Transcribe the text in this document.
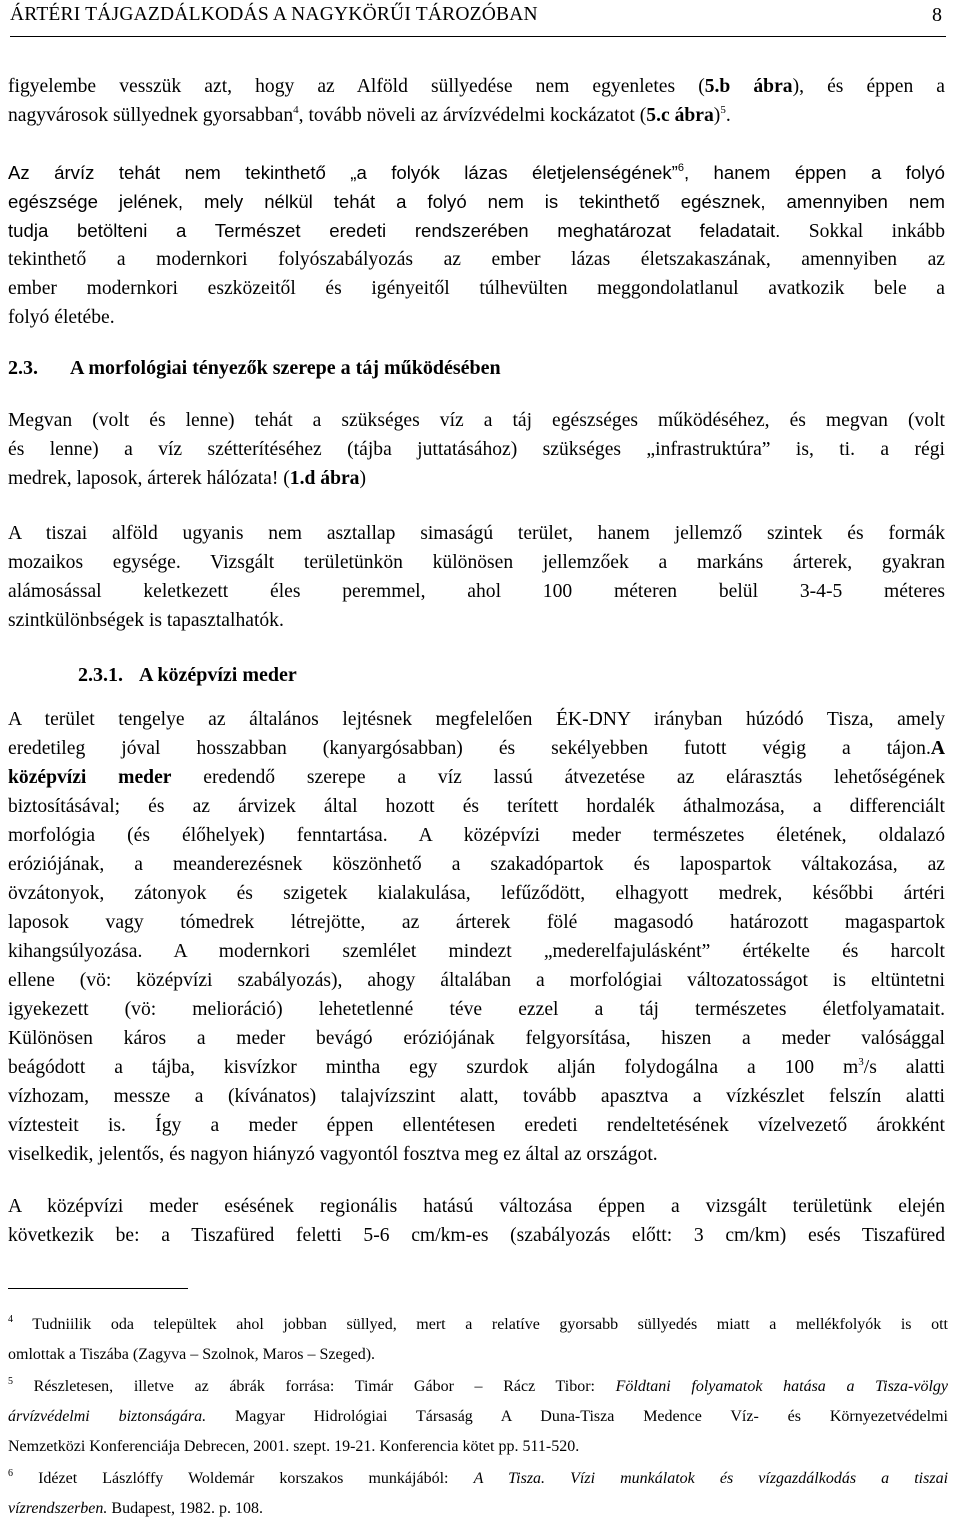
ÁRTÉRI TÁJGAZDÁLKODÁS A NAGYKÖRŰI TÁROZÓBAN	8
figyelembe vesszük azt, hogy az Alföld süllyedése nem egyenletes (5.b ábra), és éppen a
nagyvárosok süllyednek gyorsabban$^4$, tovább növeli az árvízvédelmi kockázatot (5.c ábra)$^5$.
Az árvíz tehát nem tekinthető „a folyók lázas életjelenségének”$^6$, hanem éppen a folyó
egészsége jelének, mely nélkül tehát a folyó nem is tekinthető egésznek, amennyiben nem
tudja betölteni a Természet eredeti rendszerében meghatározat feladatait. Sokkal inkább
tekinthető a modernkori folyószabályozás az ember lázas életszakaszának, amennyiben az
ember modernkori eszközeitől és igényeitől túlhevülten meggondolatlanul avatkozik bele a
folyó életébe.
2.3. A morfológiai tényezők szerepe a táj működésében
Megvan (volt és lenne) tehát a szükséges víz a táj egészséges működéséhez, és megvan (volt
és lenne) a víz szétterítéséhez (tájba juttatásához) szükséges „infrastruktúra” is, ti. a régi
medrek, laposok, árterek hálózata! (1.d ábra)
A tiszai alföld ugyanis nem asztallap simaságú terület, hanem jellemző szintek és formák
mozaikos egysége. Vizsgált területünkön különösen jellemzőek a markáns árterek, gyakran
alámosással keletkezett éles peremmel, ahol 100 méteren belül 3-4-5 méteres
szintkülönbségek is tapasztalhatók.
2.3.1. A középvízi meder
A terület tengelye az általános lejtésnek megfelelően ÉK-DNY irányban húzódó Tisza, amely
eredetileg jóval hosszabban (kanyargósabban) és sekélyebben futott végig a tájon.A
középvízi meder eredendő szerepe a víz lassú átvezetése az elárasztás lehetőségének
biztosításával; és az árvizek által hozott és terített hordalék áthalmozása, a differenciált
morfológia (és élőhelyek) fenntartása. A középvízi meder természetes életének, oldalazó
eróziójának, a meanderezésnek köszönhető a szakadópartok és lapospartok váltakozása, az
övzátonyok, zátonyok és szigetek kialakulása, lefűződött, elhagyott medrek, későbbi ártéri
laposok vagy tómedrek létrejötte, az árterek fölé magasodó határozott magaspartok
kihangsúlyozása. A modernkori szemlélet mindezt „mederelfajulásként” értékelte és harcolt
ellene (vö: középvízi szabályozás), ahogy általában a morfológiai változatosságot is eltüntetni
igyekezett (vö: melioráció) lehetetlenné téve ezzel a táj természetes életfolyamatait.
Különösen káros a meder bevágó eróziójának felgyorsítása, hiszen a meder valósággal
beágódott a tájba, kisvízkor mintha egy szurdok alján folydogálna a 100 $m^3/s$ alatti
vízhozam, messze a (kívánatos) talajvízszint alatt, tovább apasztva a vízkészlet felszín alatti
víztesteit is. Így a meder éppen ellentétesen eredeti rendeltetésének vízelvezető árokként
viselkedik, jelentős, és nagyon hiányzó vagyontól fosztva meg ez által az országot.
A középvízi meder esésének regionális hatású változása éppen a vizsgált területünk elején
következik be: a Tiszafüred feletti 5-6 cm/km-es (szabályozás előtt: 3 cm/km) esés Tiszafüred
$^4$ Tudniilik oda települtek ahol jobban süllyed, mert a relatíve gyorsabb süllyedés miatt a mellékfolyók is ott
omlottak a Tiszába (Zagyva – Szolnok, Maros – Szeged).
$^5$ Részletesen, illetve az ábrák forrása: Timár Gábor – Rácz Tibor: Földtani folyamatok hatása a Tisza-völgy
árvízvédelmi biztonságára. Magyar Hidrológiai Társaság A Duna-Tisza Medence Víz- és Környezetvédelmi
Nemzetközi Konferenciája Debrecen, 2001. szept. 19-21. Konferencia kötet pp. 511-520.
$^6$ Idézet Lászlóffy Woldemár korszakos munkájából: A Tisza. Vízi munkálatok és vízgazdálkodás a tiszai
vízrendszerben. Budapest, 1982. p. 108.
